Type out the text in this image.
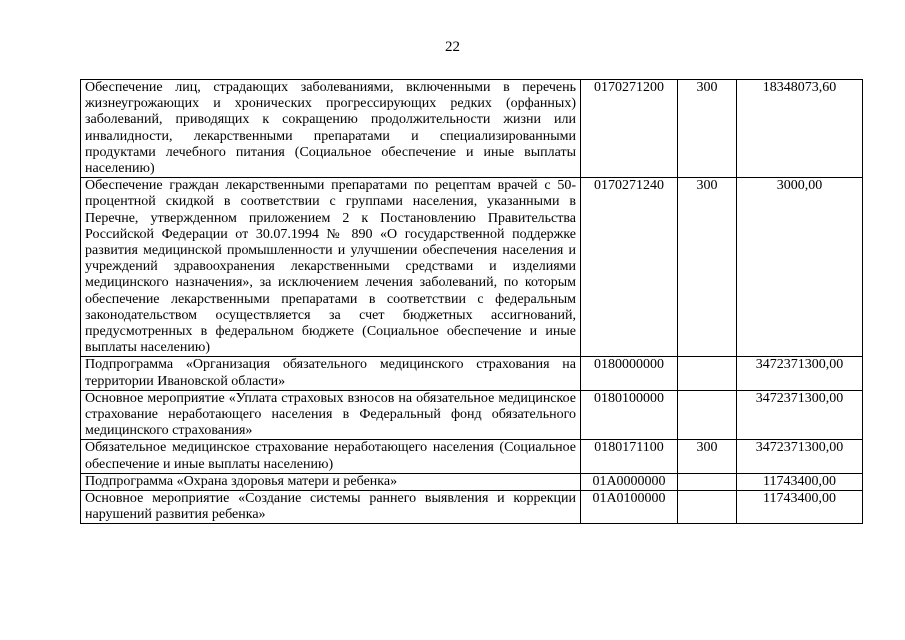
22
Обеспечение лиц, страдающих заболеваниями, включенными в перечень жизнеугрожающих и хронических прогрессирующих редких (орфанных) заболеваний, приводящих к сокращению продолжительности жизни или инвалидности, лекарственными препаратами и специализированными продуктами лечебного питания (Социальное обеспечение и иные выплаты населению)	0170271200	300	18348073,60
Обеспечение граждан лекарственными препаратами по рецептам врачей с 50-процентной скидкой в соответствии с группами населения, указанными в Перечне, утвержденном приложением 2 к Постановлению Правительства Российской Федерации от 30.07.1994 № 890 «О государственной поддержке развития медицинской промышленности и улучшении обеспечения населения и учреждений здравоохранения лекарственными средствами и изделиями медицинского назначения», за исключением лечения заболеваний, по которым обеспечение лекарственными препаратами в соответствии с федеральным законодательством осуществляется за счет бюджетных ассигнований, предусмотренных в федеральном бюджете (Социальное обеспечение и иные выплаты населению)	0170271240	300	3000,00
Подпрограмма «Организация обязательного медицинского страхования на территории Ивановской области»	0180000000		3472371300,00
Основное мероприятие «Уплата страховых взносов на обязательное медицинское страхование неработающего населения в Федеральный фонд обязательного медицинского страхования»	0180100000		3472371300,00
Обязательное медицинское страхование неработающего населения (Социальное обеспечение и иные выплаты населению)	0180171100	300	3472371300,00
Подпрограмма «Охрана здоровья матери и ребенка»	01А0000000		11743400,00
Основное мероприятие «Создание системы раннего выявления и коррекции нарушений развития ребенка»	01А0100000		11743400,00
